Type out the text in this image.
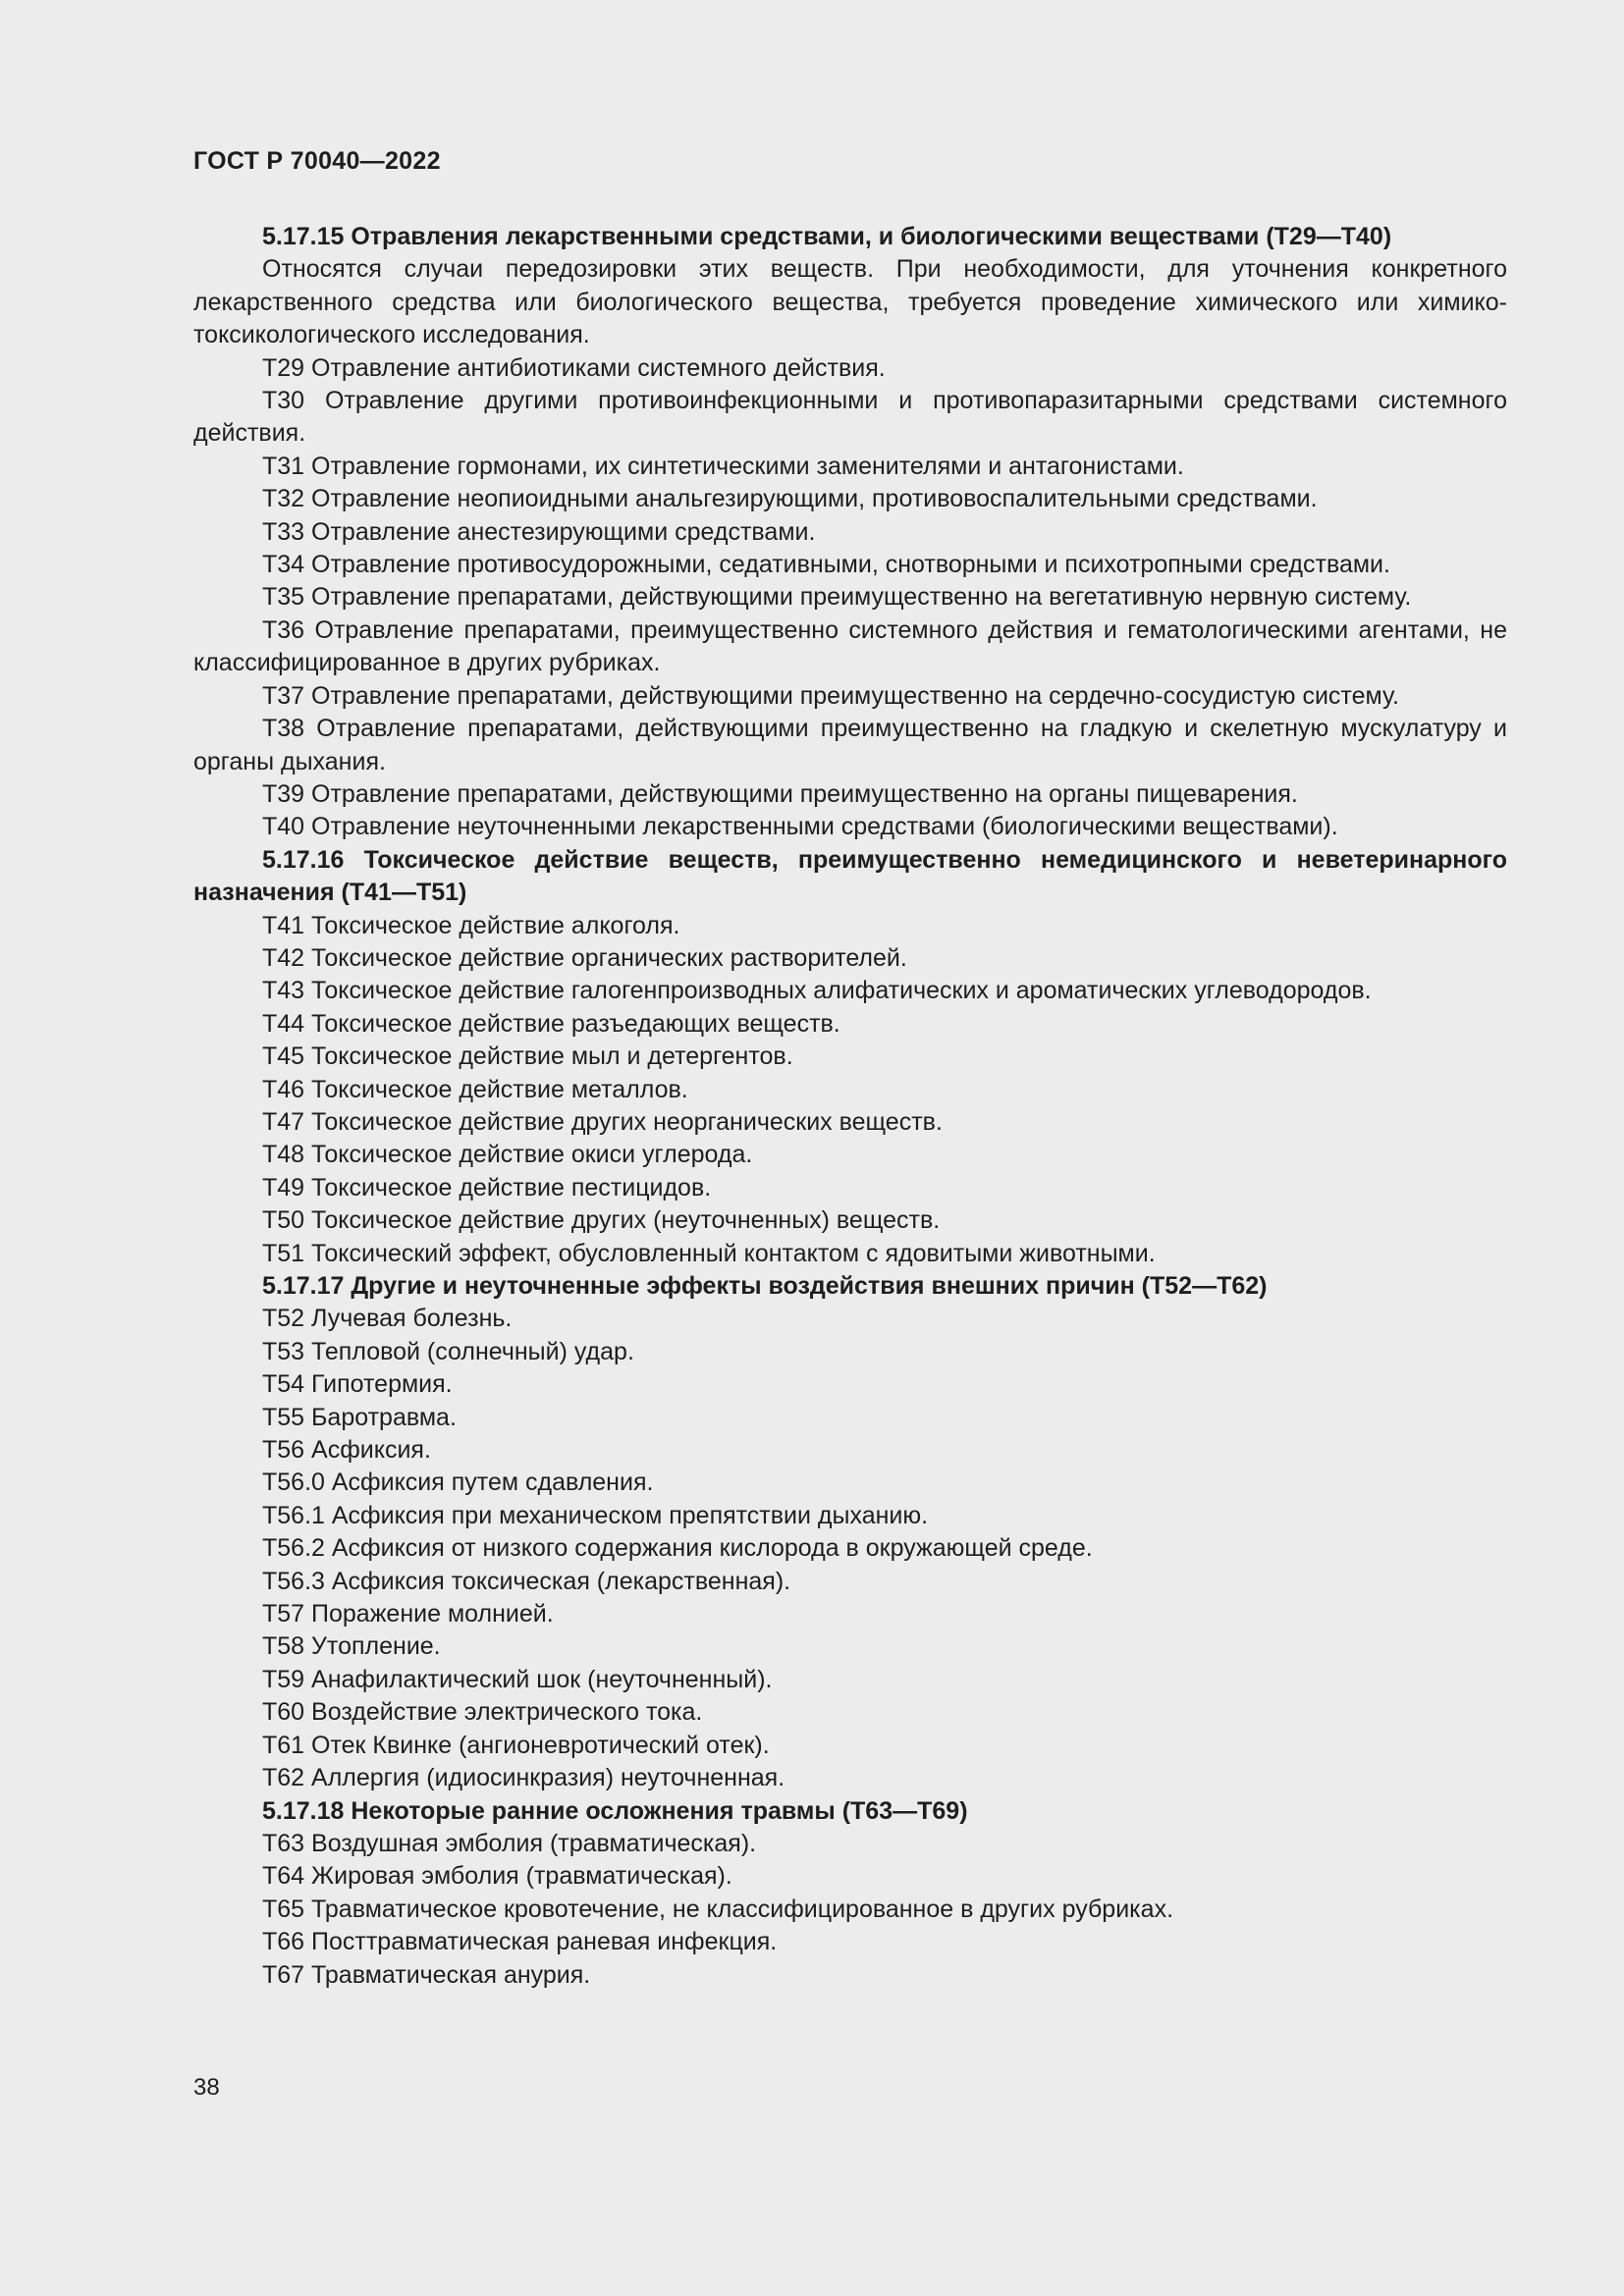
ГОСТ Р 70040—2022

5.17.15 Отравления лекарственными средствами, и биологическими веществами (Т29—Т40)

Относятся случаи передозировки этих веществ. При необходимости, для уточнения конкретного лекарственного средства или биологического вещества, требуется проведение химического или химико-токсикологического исследования.

Т29 Отравление антибиотиками системного действия.

Т30 Отравление другими противоинфекционными и противопаразитарными средствами системного действия.

Т31 Отравление гормонами, их синтетическими заменителями и антагонистами.

Т32 Отравление неопиоидными анальгезирующими, противовоспалительными средствами.

Т33 Отравление анестезирующими средствами.

Т34 Отравление противосудорожными, седативными, снотворными и психотропными средствами.

Т35 Отравление препаратами, действующими преимущественно на вегетативную нервную систему.

Т36 Отравление препаратами, преимущественно системного действия и гематологическими агентами, не классифицированное в других рубриках.

Т37 Отравление препаратами, действующими преимущественно на сердечно-сосудистую систему.

Т38 Отравление препаратами, действующими преимущественно на гладкую и скелетную мускулатуру и органы дыхания.

Т39 Отравление препаратами, действующими преимущественно на органы пищеварения.

Т40 Отравление неуточненными лекарственными средствами (биологическими веществами).

5.17.16 Токсическое действие веществ, преимущественно немедицинского и неветеринарного назначения (Т41—Т51)

Т41 Токсическое действие алкоголя.

Т42 Токсическое действие органических растворителей.

Т43 Токсическое действие галогенпроизводных алифатических и ароматических углеводородов.

Т44 Токсическое действие разъедающих веществ.

Т45 Токсическое действие мыл и детергентов.

Т46 Токсическое действие металлов.

Т47 Токсическое действие других неорганических веществ.

Т48 Токсическое действие окиси углерода.

Т49 Токсическое действие пестицидов.

Т50 Токсическое действие других (неуточненных) веществ.

Т51 Токсический эффект, обусловленный контактом с ядовитыми животными.

5.17.17 Другие и неуточненные эффекты воздействия внешних причин (Т52—Т62)

Т52 Лучевая болезнь.

Т53 Тепловой (солнечный) удар.

Т54 Гипотермия.

Т55 Баротравма.

Т56 Асфиксия.

Т56.0 Асфиксия путем сдавления.

Т56.1 Асфиксия при механическом препятствии дыханию.

Т56.2 Асфиксия от низкого содержания кислорода в окружающей среде.

Т56.3 Асфиксия токсическая (лекарственная).

Т57 Поражение молнией.

Т58 Утопление.

Т59 Анафилактический шок (неуточненный).

Т60 Воздействие электрического тока.

Т61 Отек Квинке (ангионевротический отек).

Т62 Аллергия (идиосинкразия) неуточненная.

5.17.18 Некоторые ранние осложнения травмы (Т63—Т69)

Т63 Воздушная эмболия (травматическая).

Т64 Жировая эмболия (травматическая).

Т65 Травматическое кровотечение, не классифицированное в других рубриках.

Т66 Посттравматическая раневая инфекция.

Т67 Травматическая анурия.

38
